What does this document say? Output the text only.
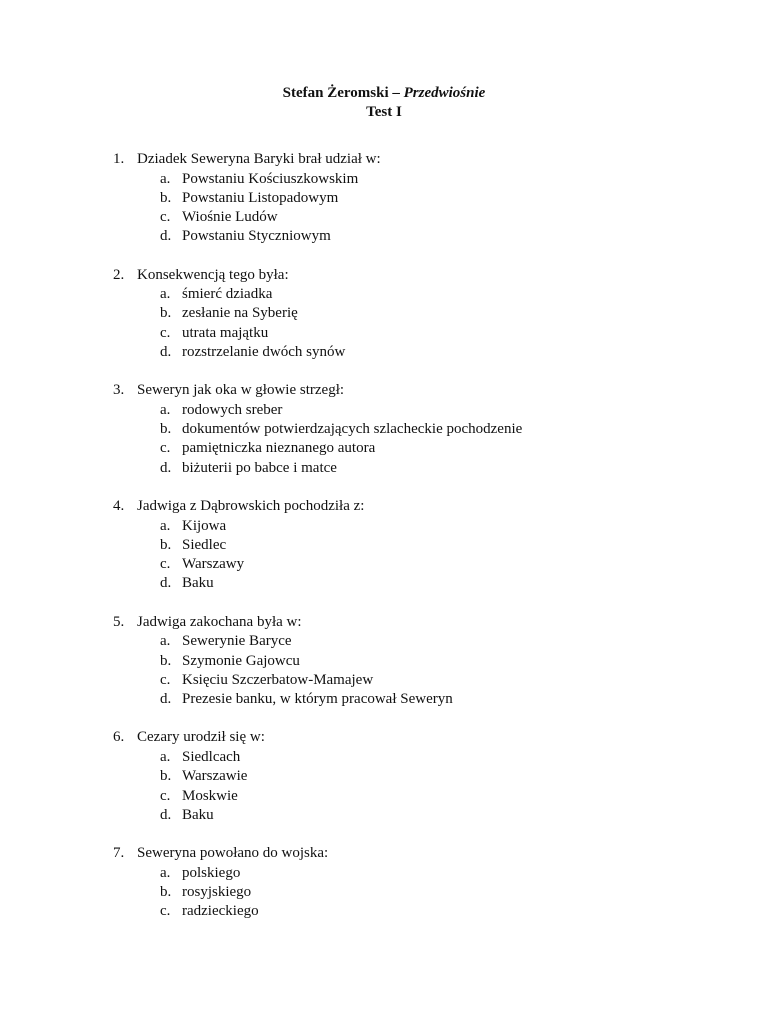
Stefan Żeromski – Przedwiośnie
Test I
1. Dziadek Seweryna Baryki brał udział w:
a. Powstaniu Kościuszkowskim
b. Powstaniu Listopadowym
c. Wiośnie Ludów
d. Powstaniu Styczniowym
2. Konsekwencją tego była:
a. śmierć dziadka
b. zesłanie na Syberię
c. utrata majątku
d. rozstrzelanie dwóch synów
3. Seweryn jak oka w głowie strzegł:
a. rodowych sreber
b. dokumentów potwierdzających szlacheckie pochodzenie
c. pamiętniczka nieznanego autora
d. biżuterii po babce i matce
4. Jadwiga z Dąbrowskich pochodziła z:
a. Kijowa
b. Siedlec
c. Warszawy
d. Baku
5. Jadwiga zakochana była w:
a. Sewerynie Baryce
b. Szymonie Gajowcu
c. Księciu Szczerbatow-Mamajew
d. Prezesie banku, w którym pracował Seweryn
6. Cezary urodził się w:
a. Siedlcach
b. Warszawie
c. Moskwie
d. Baku
7. Seweryna powołano do wojska:
a. polskiego
b. rosyjskiego
c. radzieckiego
